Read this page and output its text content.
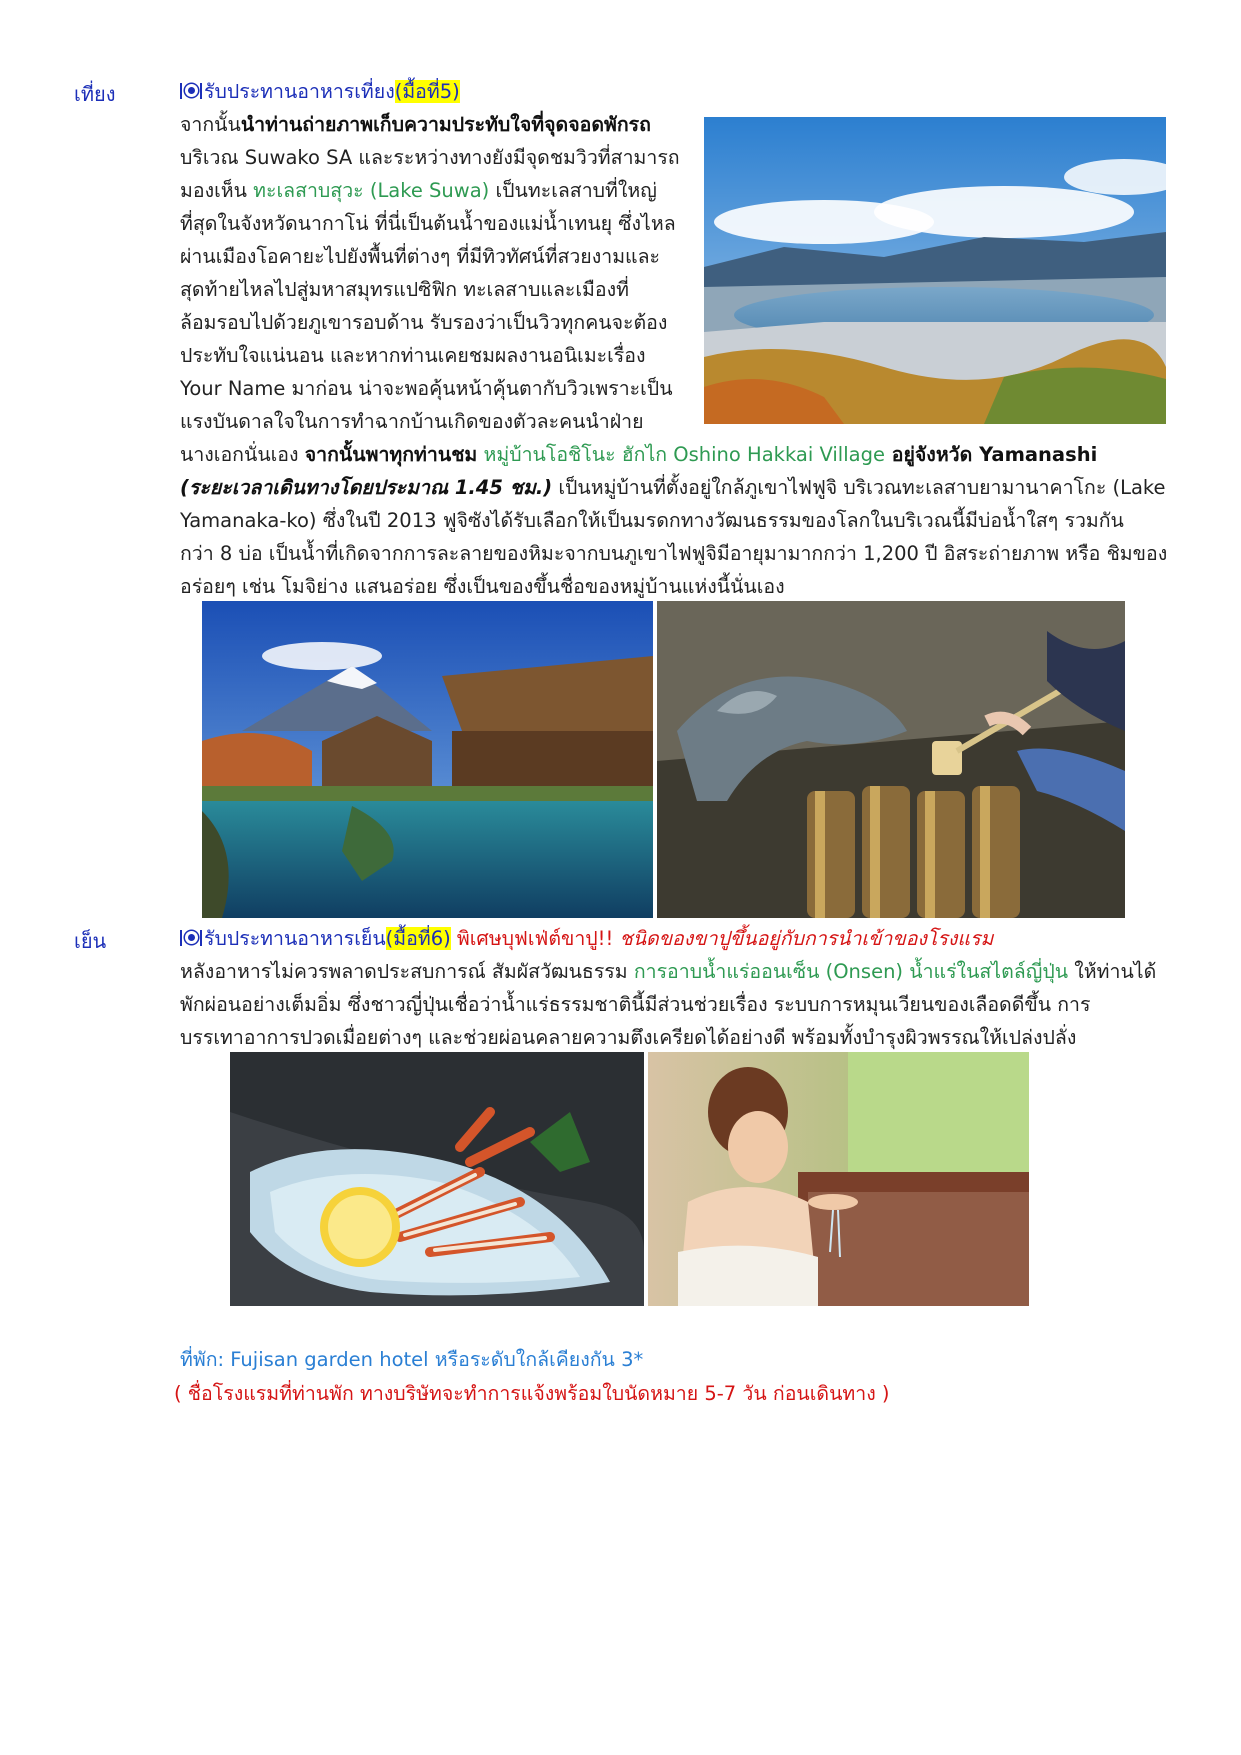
เที่ยง	รับประทานอาหารเที่ยง(มื้อที่5)
จากนั้นนำท่านถ่ายภาพเก็บความประทับใจที่จุดจอดพักรถ
บริเวณ Suwako SA และระหว่างทางยังมีจุดชมวิวที่สามารถ
มองเห็น ทะเลสาบสุวะ (Lake Suwa) เป็นทะเลสาบที่ใหญ่
ที่สุดในจังหวัดนากาโน่ ที่นี่เป็นต้นน้ำของแม่น้ำเทนยุ ซึ่งไหล
ผ่านเมืองโอคายะไปยังพื้นที่ต่างๆ ที่มีทิวทัศน์ที่สวยงามและ
สุดท้ายไหลไปสู่มหาสมุทรแปซิฟิก ทะเลสาบและเมืองที่
ล้อมรอบไปด้วยภูเขารอบด้าน รับรองว่าเป็นวิวทุกคนจะต้อง
ประทับใจแน่นอน และหากท่านเคยชมผลงานอนิเมะเรื่อง
Your Name มาก่อน น่าจะพอคุ้นหน้าคุ้นตากับวิวเพราะเป็น
แรงบันดาลใจในการทำฉากบ้านเกิดของตัวละคนนำฝ่าย
นางเอกนั่นเอง จากนั้นพาทุกท่านชม หมู่บ้านโอชิโนะ ฮักไก Oshino Hakkai Village อยู่จังหวัด Yamanashi
(ระยะเวลาเดินทางโดยประมาณ 1.45 ชม.) เป็นหมู่บ้านที่ตั้งอยู่ใกล้ภูเขาไฟฟูจิ บริเวณทะเลสาบยามานาคาโกะ (Lake
Yamanaka-ko) ซึ่งในปี 2013 ฟูจิซังได้รับเลือกให้เป็นมรดกทางวัฒนธรรมของโลกในบริเวณนี้มีบ่อน้ำใสๆ รวมกัน
กว่า 8 บ่อ เป็นน้ำที่เกิดจากการละลายของหิมะจากบนภูเขาไฟฟูจิมีอายุมามากกว่า 1,200 ปี อิสระถ่ายภาพ หรือ ชิมของ
อร่อยๆ เช่น โมจิย่าง แสนอร่อย ซึ่งเป็นของขึ้นชื่อของหมู่บ้านแห่งนี้นั่นเอง
เย็น	รับประทานอาหารเย็น(มื้อที่6) พิเศษบุฟเฟ่ต์ขาปู!! ชนิดของขาปูขึ้นอยู่กับการนำเข้าของโรงแรม
หลังอาหารไม่ควรพลาดประสบการณ์ สัมผัสวัฒนธรรม การอาบน้ำแร่ออนเซ็น (Onsen) น้ำแร่ในสไตล์ญี่ปุ่น ให้ท่านได้
พักผ่อนอย่างเต็มอิ่ม ซึ่งชาวญี่ปุ่นเชื่อว่าน้ำแร่ธรรมชาตินี้มีส่วนช่วยเรื่อง ระบบการหมุนเวียนของเลือดดีขึ้น การ
บรรเทาอาการปวดเมื่อยต่างๆ และช่วยผ่อนคลายความตึงเครียดได้อย่างดี พร้อมทั้งบำรุงผิวพรรณให้เปล่งปลั่ง
ที่พัก: Fujisan garden hotel หรือระดับใกล้เคียงกัน 3*
( ชื่อโรงแรมที่ท่านพัก ทางบริษัทจะทำการแจ้งพร้อมใบนัดหมาย 5-7 วัน ก่อนเดินทาง )
